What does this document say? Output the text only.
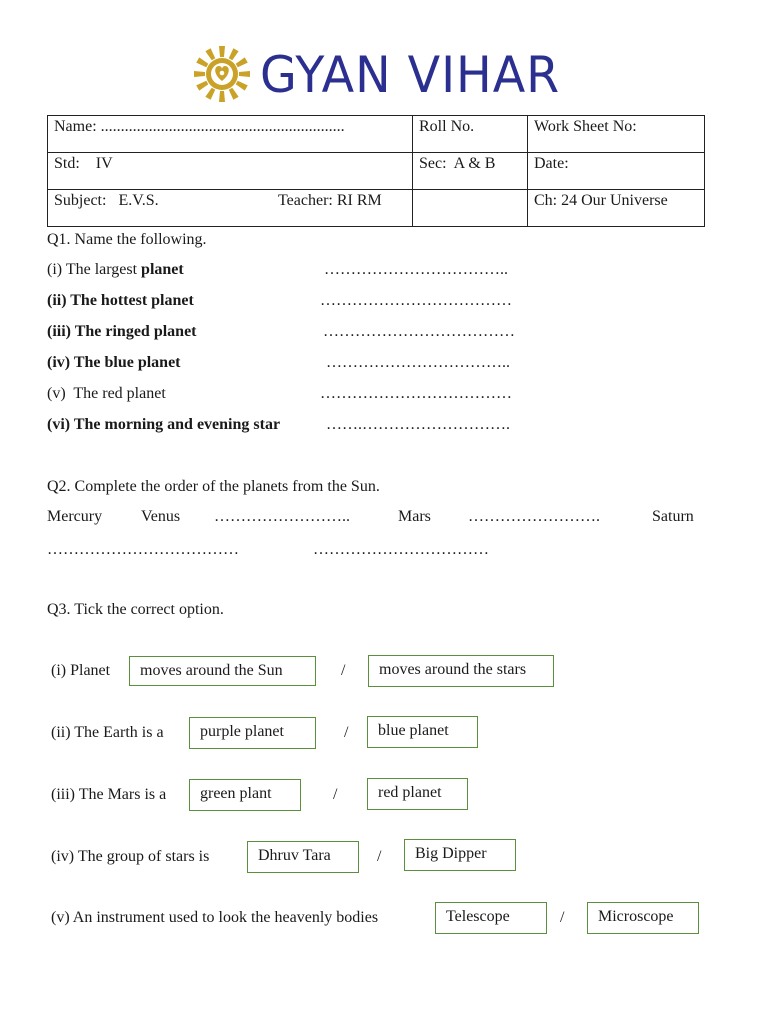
GYAN VIHAR
Name: .............................................................	Roll No.	Work Sheet No:
Std: IV	Sec: A & B	Date:
Subject: E.V.S. Teacher: RI RM		Ch: 24 Our Universe
Q1. Name the following.
(i) The largest planet	……………………………..
(ii) The hottest planet	………………………………
(iii) The ringed planet	………………………………
(iv) The blue planet	……………………………..
(v)  The red planet	………………………………
(vi) The morning and evening star	…….……………………….
Q2. Complete the order of the planets from the Sun.
Mercury Venus ……………………..	Mars …………………….	Saturn
………………………………	……………………………
Q3. Tick the correct option.
(i) Planet	moves around the Sun	/	moves around the stars
(ii) The Earth is a	purple planet	/	blue planet
(iii) The Mars is a	green plant	/	red planet
(iv) The group of stars is	Dhruv Tara	/	Big Dipper
(v) An instrument used to look the heavenly bodies	Telescope	/	Microscope
